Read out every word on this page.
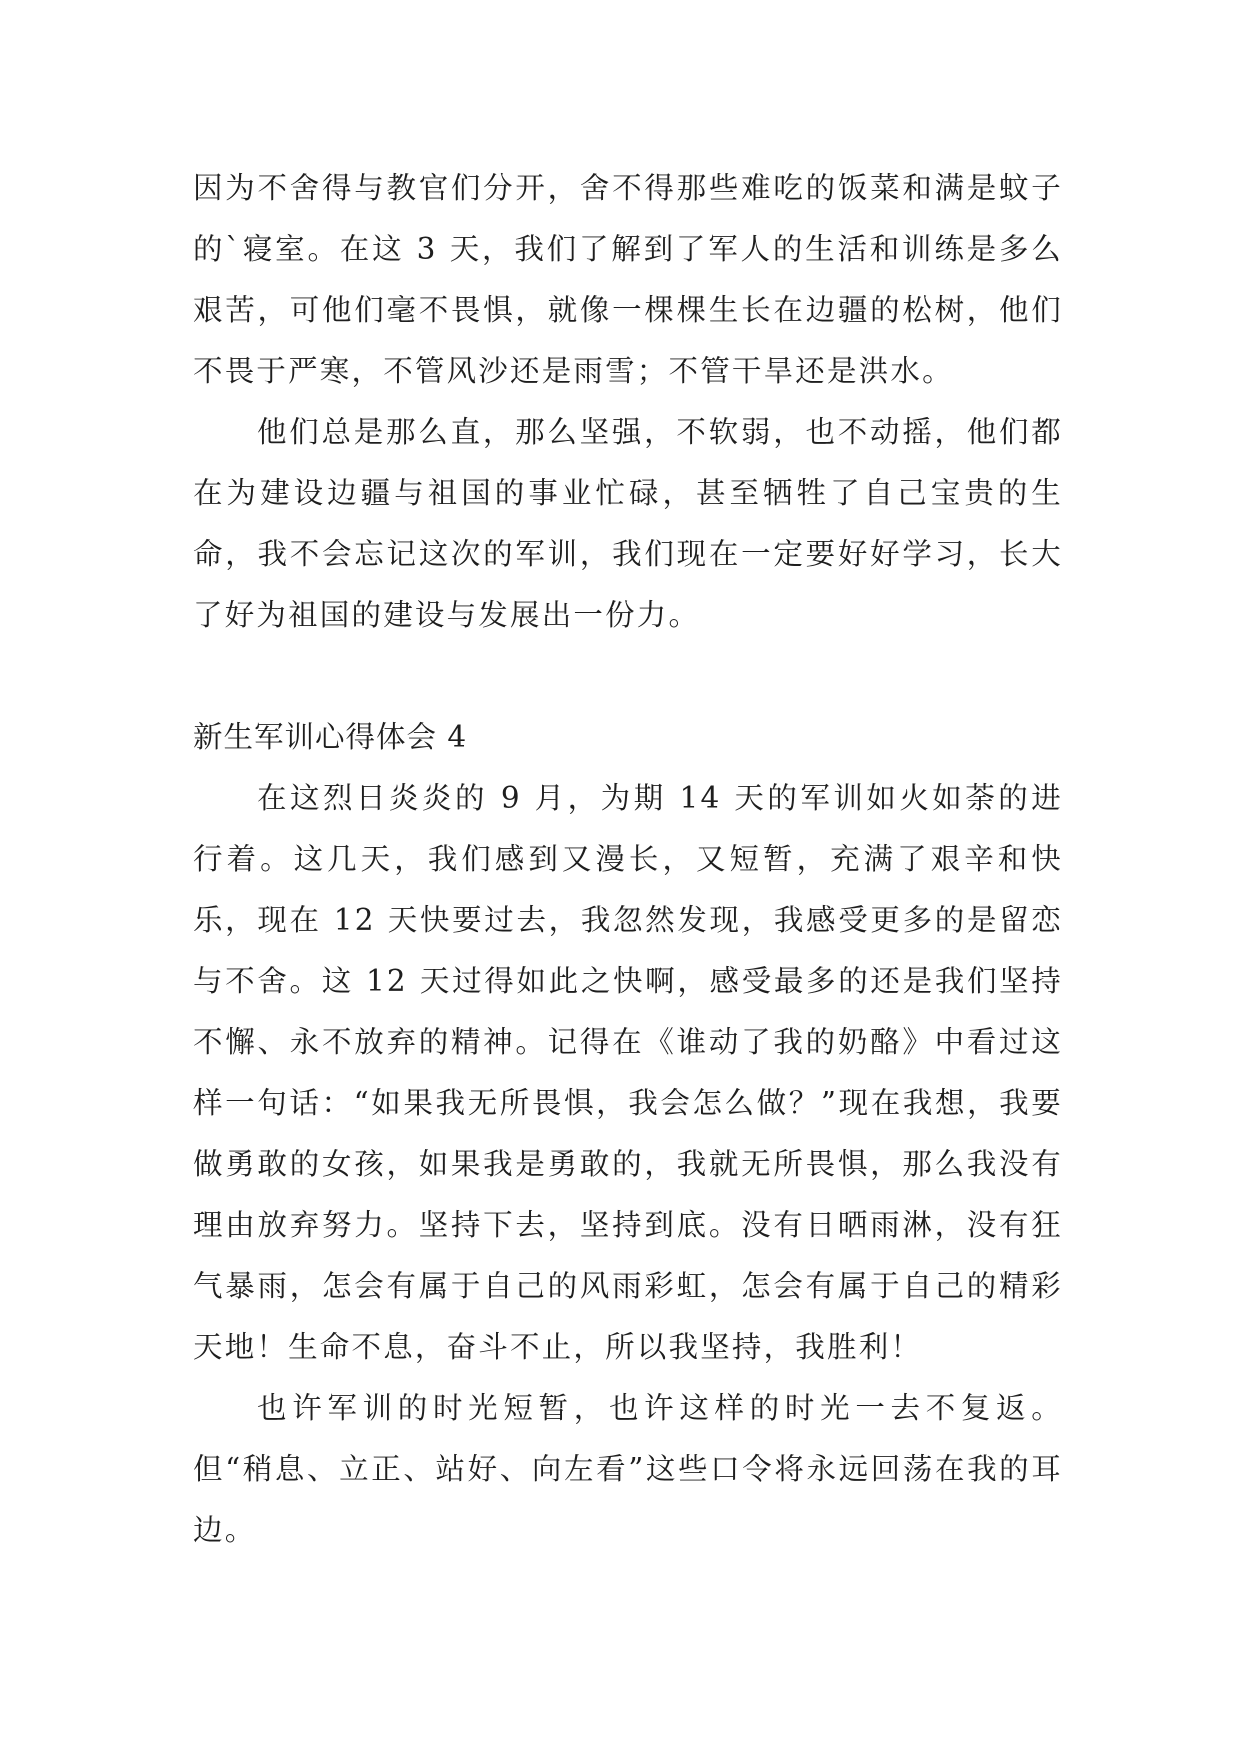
因为不舍得与教官们分开，舍不得那些难吃的饭菜和满是蚊子的`寝室。在这 3 天，我们了解到了军人的生活和训练是多么艰苦，可他们毫不畏惧，就像一棵棵生长在边疆的松树，他们不畏于严寒，不管风沙还是雨雪；不管干旱还是洪水。

他们总是那么直，那么坚强，不软弱，也不动摇，他们都在为建设边疆与祖国的事业忙碌，甚至牺牲了自己宝贵的生命，我不会忘记这次的军训，我们现在一定要好好学习，长大了好为祖国的建设与发展出一份力。

新生军训心得体会 4

在这烈日炎炎的 9 月，为期 14 天的军训如火如荼的进行着。这几天，我们感到又漫长，又短暂，充满了艰辛和快乐，现在 12 天快要过去，我忽然发现，我感受更多的是留恋与不舍。这 12 天过得如此之快啊，感受最多的还是我们坚持不懈、永不放弃的精神。记得在《谁动了我的奶酪》中看过这样一句话：“如果我无所畏惧，我会怎么做？”现在我想，我要做勇敢的女孩，如果我是勇敢的，我就无所畏惧，那么我没有理由放弃努力。坚持下去，坚持到底。没有日晒雨淋，没有狂气暴雨，怎会有属于自己的风雨彩虹，怎会有属于自己的精彩天地！生命不息，奋斗不止，所以我坚持，我胜利！

也许军训的时光短暂，也许这样的时光一去不复返。但“稍息、立正、站好、向左看”这些口令将永远回荡在我的耳边。
